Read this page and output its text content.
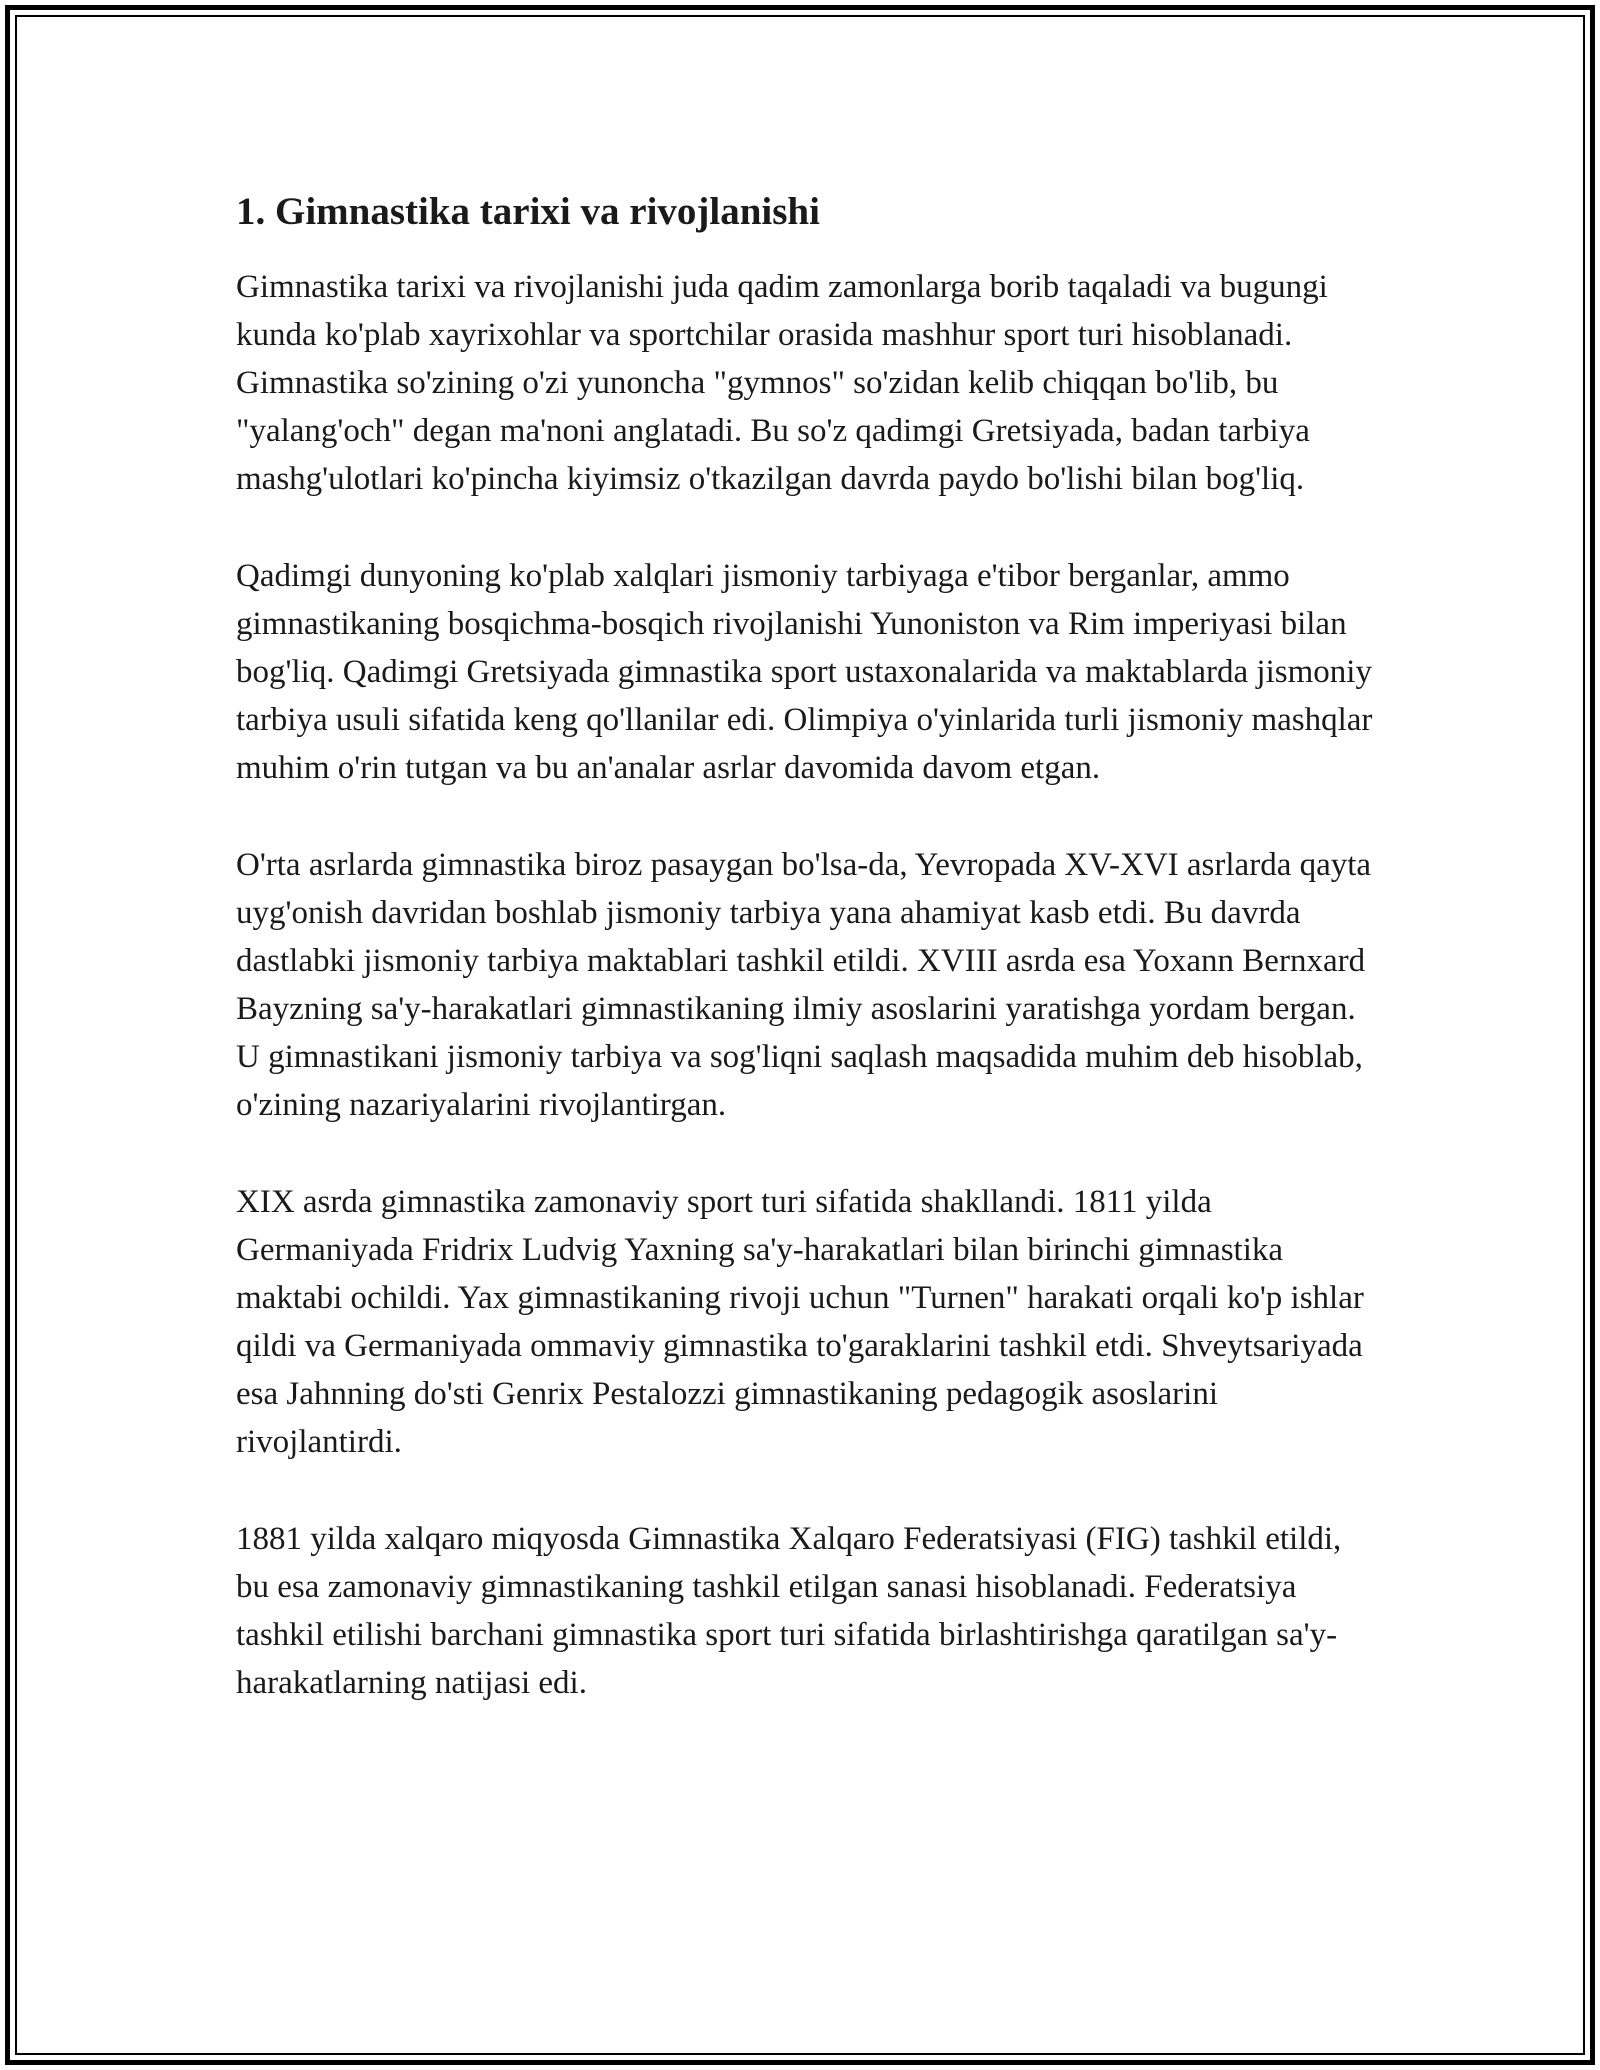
1. Gimnastika tarixi va rivojlanishi

Gimnastika tarixi va rivojlanishi juda qadim zamonlarga borib taqaladi va bugungi kunda ko'plab xayrixohlar va sportchilar orasida mashhur sport turi hisoblanadi. Gimnastika so'zining o'zi yunoncha "gymnos" so'zidan kelib chiqqan bo'lib, bu "yalang'och" degan ma'noni anglatadi. Bu so'z qadimgi Gretsiyada, badan tarbiya mashg'ulotlari ko'pincha kiyimsiz o'tkazilgan davrda paydo bo'lishi bilan bog'liq.

Qadimgi dunyoning ko'plab xalqlari jismoniy tarbiyaga e'tibor berganlar, ammo gimnastikaning bosqichma-bosqich rivojlanishi Yunoniston va Rim imperiyasi bilan bog'liq. Qadimgi Gretsiyada gimnastika sport ustaxonalarida va maktablarda jismoniy tarbiya usuli sifatida keng qo'llanilar edi. Olimpiya o'yinlarida turli jismoniy mashqlar muhim o'rin tutgan va bu an'analar asrlar davomida davom etgan.

O'rta asrlarda gimnastika biroz pasaygan bo'lsa-da, Yevropada XV-XVI asrlarda qayta uyg'onish davridan boshlab jismoniy tarbiya yana ahamiyat kasb etdi. Bu davrda dastlabki jismoniy tarbiya maktablari tashkil etildi. XVIII asrda esa Yoxann Bernxard Bayzning sa'y-harakatlari gimnastikaning ilmiy asoslarini yaratishga yordam bergan. U gimnastikani jismoniy tarbiya va sog'liqni saqlash maqsadida muhim deb hisoblab, o'zining nazariyalarini rivojlantirgan.

XIX asrda gimnastika zamonaviy sport turi sifatida shakllandi. 1811 yilda Germaniyada Fridrix Ludvig Yaxning sa'y-harakatlari bilan birinchi gimnastika maktabi ochildi. Yax gimnastikaning rivoji uchun "Turnen" harakati orqali ko'p ishlar qildi va Germaniyada ommaviy gimnastika to'garaklarini tashkil etdi. Shveytsariyada esa Jahnning do'sti Genrix Pestalozzi gimnastikaning pedagogik asoslarini rivojlantirdi.

1881 yilda xalqaro miqyosda Gimnastika Xalqaro Federatsiyasi (FIG) tashkil etildi, bu esa zamonaviy gimnastikaning tashkil etilgan sanasi hisoblanadi. Federatsiya tashkil etilishi barchani gimnastika sport turi sifatida birlashtirishga qaratilgan sa'y-harakatlarning natijasi edi.
